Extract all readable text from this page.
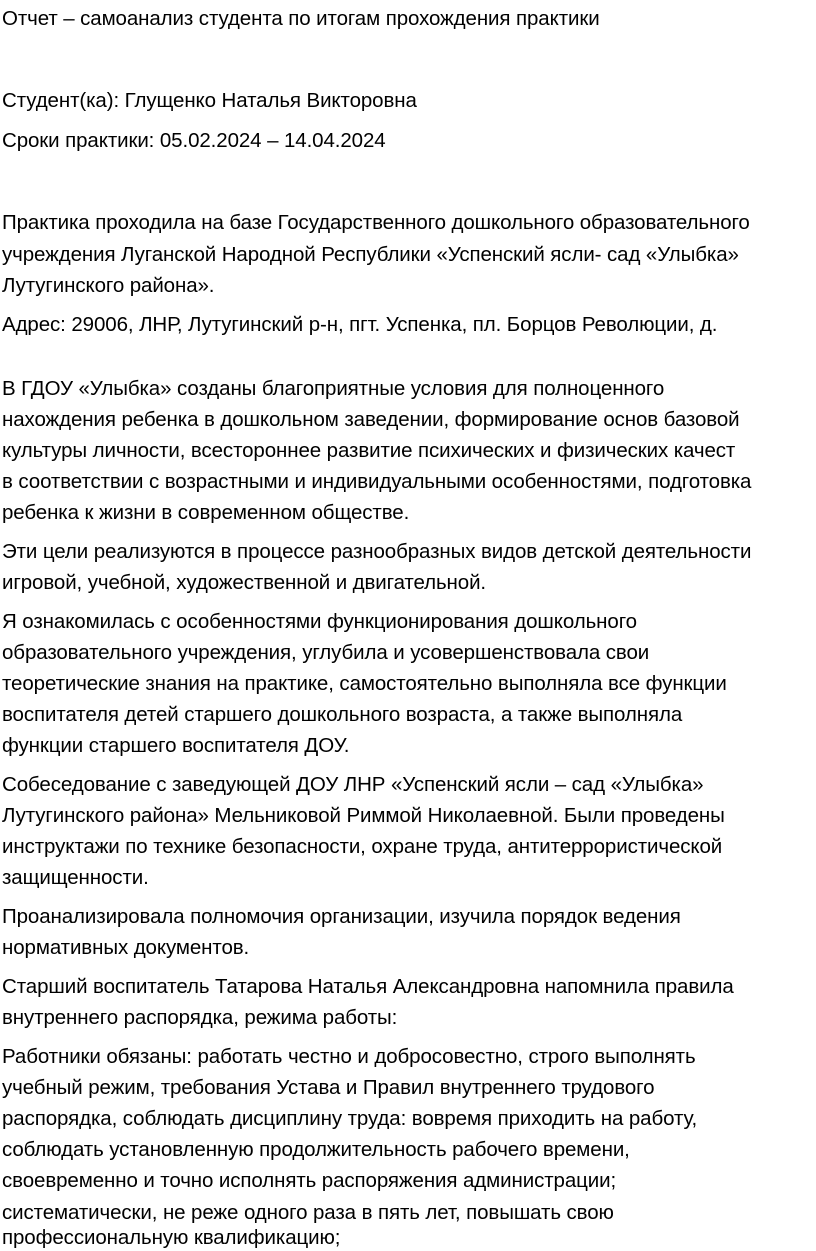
Отчет – самоанализ студента по итогам прохождения практики
Студент(ка): Глущенко Наталья Викторовна
Сроки практики: 05.02.2024 – 14.04.2024
Практика проходила на базе Государственного дошкольного образовательного
учреждения Луганской Народной Республики «Успенский ясли- сад «Улыбка»
Лутугинского района».
Адрес: 29006, ЛНР, Лутугинский р-н, пгт. Успенка, пл. Борцов Революции, д.
В ГДОУ «Улыбка» созданы благоприятные условия для полноценного
нахождения ребенка в дошкольном заведении, формирование основ базовой
культуры личности, всестороннее развитие психических и физических качест
в соответствии с возрастными и индивидуальными особенностями, подготовка
ребенка к жизни в современном обществе.
Эти цели реализуются в процессе разнообразных видов детской деятельности
игровой, учебной, художественной и двигательной.
Я ознакомилась с особенностями функционирования дошкольного
образовательного учреждения, углубила и усовершенствовала свои
теоретические знания на практике, самостоятельно выполняла все функции
воспитателя детей старшего дошкольного возраста, а также выполняла
функции старшего воспитателя ДОУ.
Собеседование с заведующей ДОУ ЛНР «Успенский ясли – сад «Улыбка»
Лутугинского района» Мельниковой Риммой Николаевной. Были проведены
инструктажи по технике безопасности, охране труда, антитеррористической
защищенности.
Проанализировала полномочия организации, изучила порядок ведения
нормативных документов.
Старший воспитатель Татарова Наталья Александровна напомнила правила
внутреннего распорядка, режима работы:
Работники обязаны: работать честно и добросовестно, строго выполнять
учебный режим, требования Устава и Правил внутреннего трудового
распорядка, соблюдать дисциплину труда: вовремя приходить на работу,
соблюдать установленную продолжительность рабочего времени,
своевременно и точно исполнять распоряжения администрации;
систематически, не реже одного раза в пять лет, повышать свою
профессиональную квалификацию;
